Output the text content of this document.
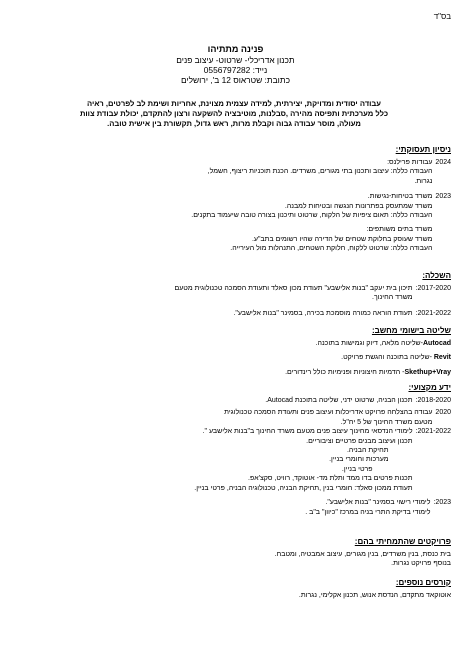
בס"ד
פנינה מתתיהו
תכנון אדריכלי- שרטוט- עיצוב פנים
נייד: 0556797282
כתובת: שטראוס 12 ב', ירושלים
עבודה יסודית ומדויקת, יצירתית, למידה עצמית מצוינת, אחריות ושימת לב לפרטים, ראיה
כלל מערכתית ותפיסה מהירה ,סבלנות, מוטיבציה להשקעה ורצון להתקדם, יכולת עבודת צוות
מעולה, מוסר עבודה גבוה וקבלת מרות, ראש גדול, תקשורת בין אישית טובה.
ניסיון תעסוקתי:
2024
עבודות פרילנס:
העבודה כללה: עיצוב ותכנון בתי מגורים, משרדים. הכנת תוכניות ריצוף, חשמל,
נגרות.
2023
משרד בטיחות-נגישות.
משרד שמתעסק בפתרונות הנגשה ובטיחות למבנה.
העבודה כללה: תאום ציפיות של הלקוח, שרטוט ותיכנון בצורה טובה שיעמוד בתקנים.
משרד בתים משותפים:
משרד שעוסק בחלוקת שטחים של הדירה שהיו רשומים בתב"ע.
העבודה כללה: שרטוט ללקוח, חלוקת השטחים, התנהלות מול העירייה.
השכלה:
2017-2020:
תיכון בית יעקב "בנות אלישבע" תעודת מכון סאלד ותעודת הסמכה טכנולוגית מטעם
משרד החינוך.
2021-2022:
תעודת הוראה כמורה מוסמכת בכירה, בסמינר "בנות אלישבע".
שליטה בישומי מחשב:
Autocad-שליטה מלאה, דיוק וגמישות בתוכנה.
Revit -שליטה בתוכנה והגשת פרויקט.
Skethup+Vray- הדמיות חיצוניות ופנימיות כולל רינדורים.
ידע מקצועי:
2018-2020:
תכנון הבניה, שרטוט ידני, שליטה בתוכנת Autocad.
2020
עבודה בהצלחה פרויקט אדריכלות ועיצוב פנים ותעודת הסמכה טכנולוגית
מטעם משרד החינוך של 5 יח"ל.
2021-2022:
לימודי הנדסאי מחינוך עיצוב פנים מטעם משרד החינוך ב"בנות אלישבע ".
תכנון ועיצוב מבנים פרטיים וציבוריים.
תחיקת הבניה.
מערכות וחומרי בניין.
פרטי בניין.
תכנות פרטים בדו ממד ותלת מד- אוטוקד, רוויט, סקצ'אפ.
תעודת ממכון סאלד: חומרי בנין ,תחיקת הבניה, טכנולוגיה הבניה, פרטי בניין.
2023:
לימודי רישוי בסמינר "בנות אלישבע".
לימודי בדיקת התרי בניה במרכז "כיוון" ב"ב .
פרויקטים שהתמחיתי בהם:
בית כנסת, בנין משרדים, בנין מגורים, עיצוב אמבטיה, ומטבח.
בנוסף פרויקט נגרות.
קורסים נוספים:
אוטוקאד מתקדם, הנדסת אנוש, תכנון אקלימי, נגרות.
